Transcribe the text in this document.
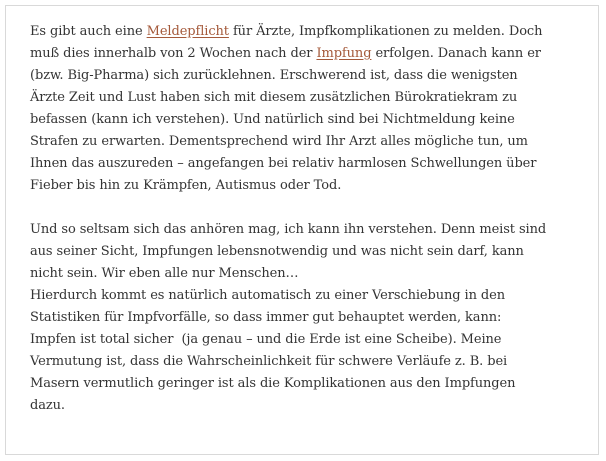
Es gibt auch eine Meldepflicht für Ärzte, Impfkomplikationen zu melden. Doch
muß dies innerhalb von 2 Wochen nach der Impfung erfolgen. Danach kann er
(bzw. Big-Pharma) sich zurücklehnen. Erschwerend ist, dass die wenigsten
Ärzte Zeit und Lust haben sich mit diesem zusätzlichen Bürokratiekram zu
befassen (kann ich verstehen). Und natürlich sind bei Nichtmeldung keine
Strafen zu erwarten. Dementsprechend wird Ihr Arzt alles mögliche tun, um
Ihnen das auszureden – angefangen bei relativ harmlosen Schwellungen über
Fieber bis hin zu Krämpfen, Autismus oder Tod.

Und so seltsam sich das anhören mag, ich kann ihn verstehen. Denn meist sind
aus seiner Sicht, Impfungen lebensnotwendig und was nicht sein darf, kann
nicht sein. Wir eben alle nur Menschen…
Hierdurch kommt es natürlich automatisch zu einer Verschiebung in den
Statistiken für Impfvorfälle, so dass immer gut behauptet werden, kann:
Impfen ist total sicher  (ja genau – und die Erde ist eine Scheibe). Meine
Vermutung ist, dass die Wahrscheinlichkeit für schwere Verläufe z. B. bei
Masern vermutlich geringer ist als die Komplikationen aus den Impfungen
dazu.
